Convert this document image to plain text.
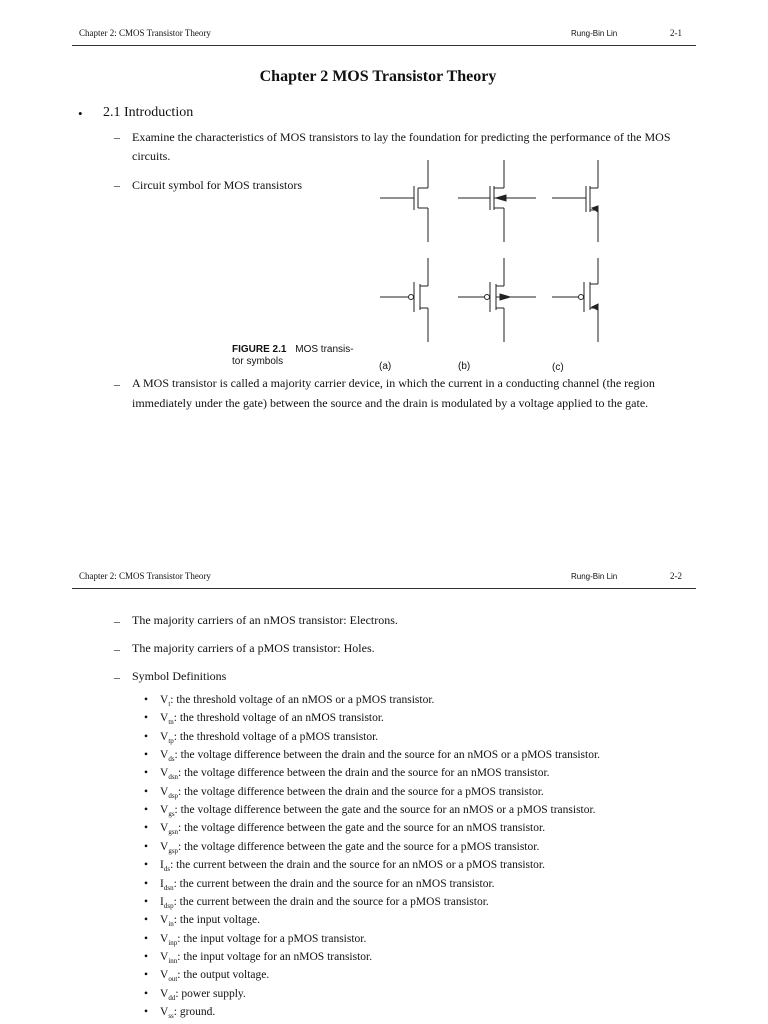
Chapter 2: CMOS Transistor Theory	Rung-Bin Lin	2-1
Chapter 2 MOS Transistor Theory
• 2.1 Introduction
– Examine the characteristics of MOS transistors to lay the foundation for predicting the performance of the MOS circuits.
– Circuit symbol for MOS transistors
FIGURE 2.1 MOS transis-
tor symbols	(a)	(b)	(c)
– A MOS transistor is called a majority carrier device, in which the current in a conducting channel (the region immediately under the gate) between the source and the drain is modulated by a voltage applied to the gate.
Chapter 2: CMOS Transistor Theory	Rung-Bin Lin	2-2
– The majority carriers of an nMOS transistor: Electrons.
– The majority carriers of a pMOS transistor: Holes.
– Symbol Definitions
• $V_t$: the threshold voltage of an nMOS or a pMOS transistor.
• $V_{tn}$: the threshold voltage of an nMOS transistor.
• $V_{tp}$: the threshold voltage of a pMOS transistor.
• $V_{ds}$: the voltage difference between the drain and the source for an nMOS or a pMOS transistor.
• $V_{dsn}$: the voltage difference between the drain and the source for an nMOS transistor.
• $V_{dsp}$: the voltage difference between the drain and the source for a pMOS transistor.
• $V_{gs}$: the voltage difference between the gate and the source for an nMOS or a pMOS transistor.
• $V_{gsn}$: the voltage difference between the gate and the source for an nMOS transistor.
• $V_{gsp}$: the voltage difference between the gate and the source for a pMOS transistor.
• $I_{ds}$: the current between the drain and the source for an nMOS or a pMOS transistor.
• $I_{dsn}$: the current between the drain and the source for an nMOS transistor.
• $I_{dsp}$: the current between the drain and the source for a pMOS transistor.
• $V_{in}$: the input voltage.
• $V_{inp}$: the input voltage for a pMOS transistor.
• $V_{inn}$: the input voltage for an nMOS transistor.
• $V_{out}$: the output voltage.
• $V_{dd}$: power supply.
• $V_{ss}$: ground.
